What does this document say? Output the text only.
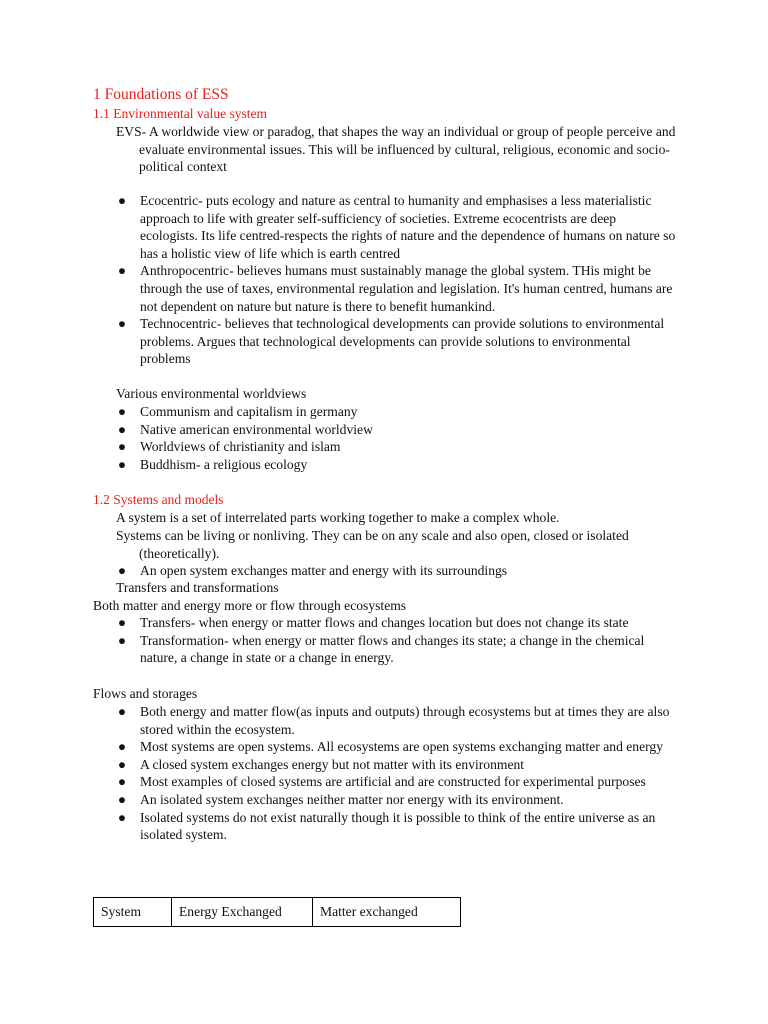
1 Foundations of ESS
1.1 Environmental value system
EVS- A worldwide view or paradog, that shapes the way an individual or group of people perceive and evaluate environmental issues. This will be influenced by cultural, religious, economic and socio-political context
● Ecocentric- puts ecology and nature as central to humanity and emphasises a less materialistic approach to life with greater self-sufficiency of societies. Extreme ecocentrists are deep ecologists. Its life centred-respects the rights of nature and the dependence of humans on nature so has a holistic view of life which is earth centred
● Anthropocentric- believes humans must sustainably manage the global system. THis might be through the use of taxes, environmental regulation and legislation. It's human centred, humans are not dependent on nature but nature is there to benefit humankind.
● Technocentric- believes that technological developments can provide solutions to environmental problems. Argues that technological developments can provide solutions to environmental problems
Various environmental worldviews
● Communism and capitalism in germany
● Native american environmental worldview
● Worldviews of christianity and islam
● Buddhism- a religious ecology
1.2 Systems and models
A system is a set of interrelated parts working together to make a complex whole.
Systems can be living or nonliving. They can be on any scale and also open, closed or isolated (theoretically).
● An open system exchanges matter and energy with its surroundings
Transfers and transformations
Both matter and energy more or flow through ecosystems
● Transfers- when energy or matter flows and changes location but does not change its state
● Transformation- when energy or matter flows and changes its state; a change in the chemical nature, a change in state or a change in energy.
Flows and storages
● Both energy and matter flow(as inputs and outputs) through ecosystems but at times they are also stored within the ecosystem.
● Most systems are open systems. All ecosystems are open systems exchanging matter and energy
● A closed system exchanges energy but not matter with its environment
● Most examples of closed systems are artificial and are constructed for experimental purposes
● An isolated system exchanges neither matter nor energy with its environment.
● Isolated systems do not exist naturally though it is possible to think of the entire universe as an isolated system.
System	Energy Exchanged	Matter exchanged
